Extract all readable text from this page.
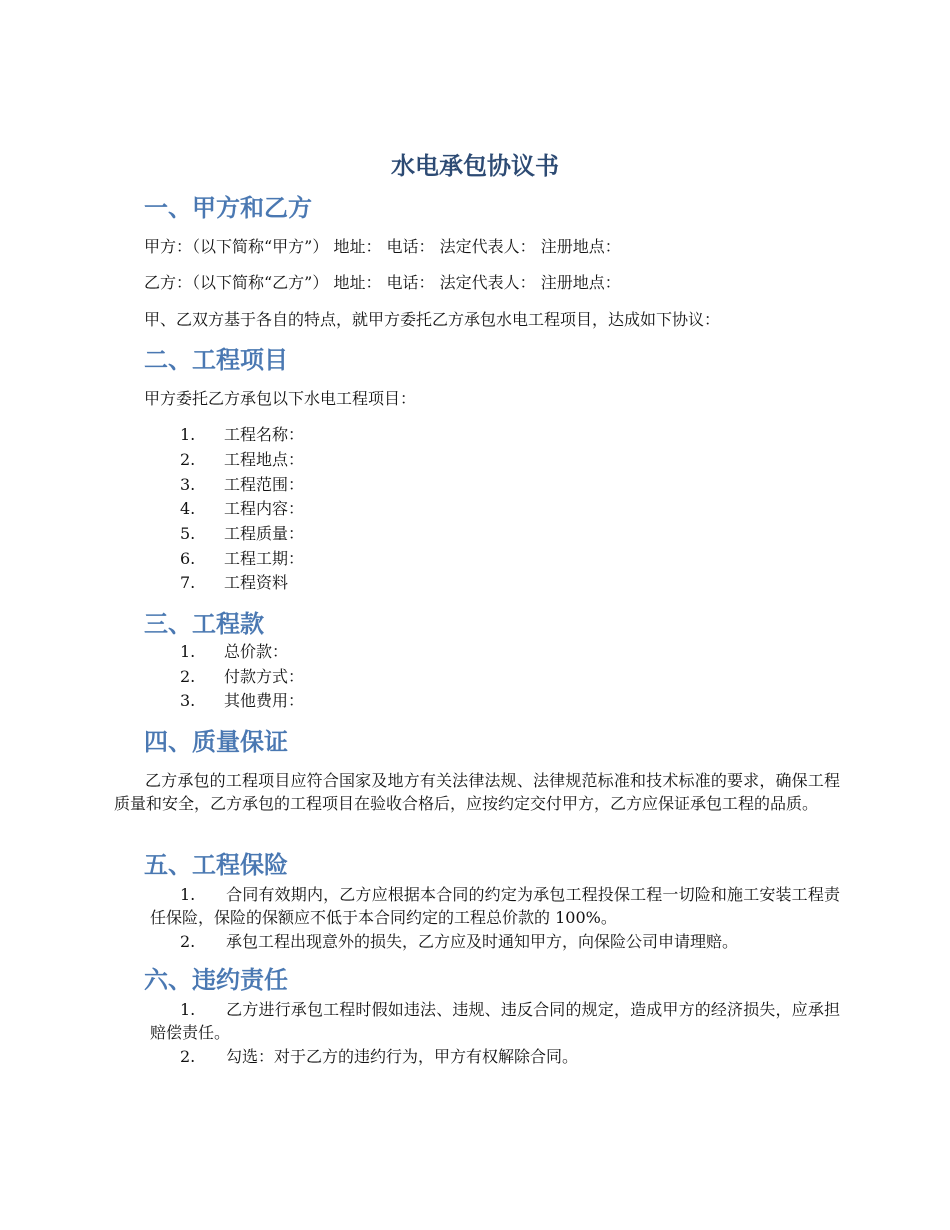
水电承包协议书
一、甲方和乙方

甲方：（以下简称“甲方”） 地址： 电话： 法定代表人： 注册地点：

乙方：（以下简称“乙方”） 地址： 电话： 法定代表人： 注册地点：

甲、乙双方基于各自的特点，就甲方委托乙方承包水电工程项目，达成如下协议：

二、工程项目

甲方委托乙方承包以下水电工程项目：

1. 工程名称：
2. 工程地点：
3. 工程范围：
4. 工程内容：
5. 工程质量：
6. 工程工期：
7. 工程资料
三、工程款
1. 总价款：
2. 付款方式：
3. 其他费用：
四、质量保证

乙方承包的工程项目应符合国家及地方有关法律法规、法律规范标准和技术标准的要求，确保工程质量和安全，乙方承包的工程项目在验收合格后，应按约定交付甲方，乙方应保证承包工程的品质。

五、工程保险

1. 合同有效期内，乙方应根据本合同的约定为承包工程投保工程一切险和施工安装工程责任保险，保险的保额应不低于本合同约定的工程总价款的 100%。

2. 承包工程出现意外的损失，乙方应及时通知甲方，向保险公司申请理赔。

六、违约责任

1. 乙方进行承包工程时假如违法、违规、违反合同的规定，造成甲方的经济损失，应承担赔偿责任。

2. 勾选：对于乙方的违约行为，甲方有权解除合同。
